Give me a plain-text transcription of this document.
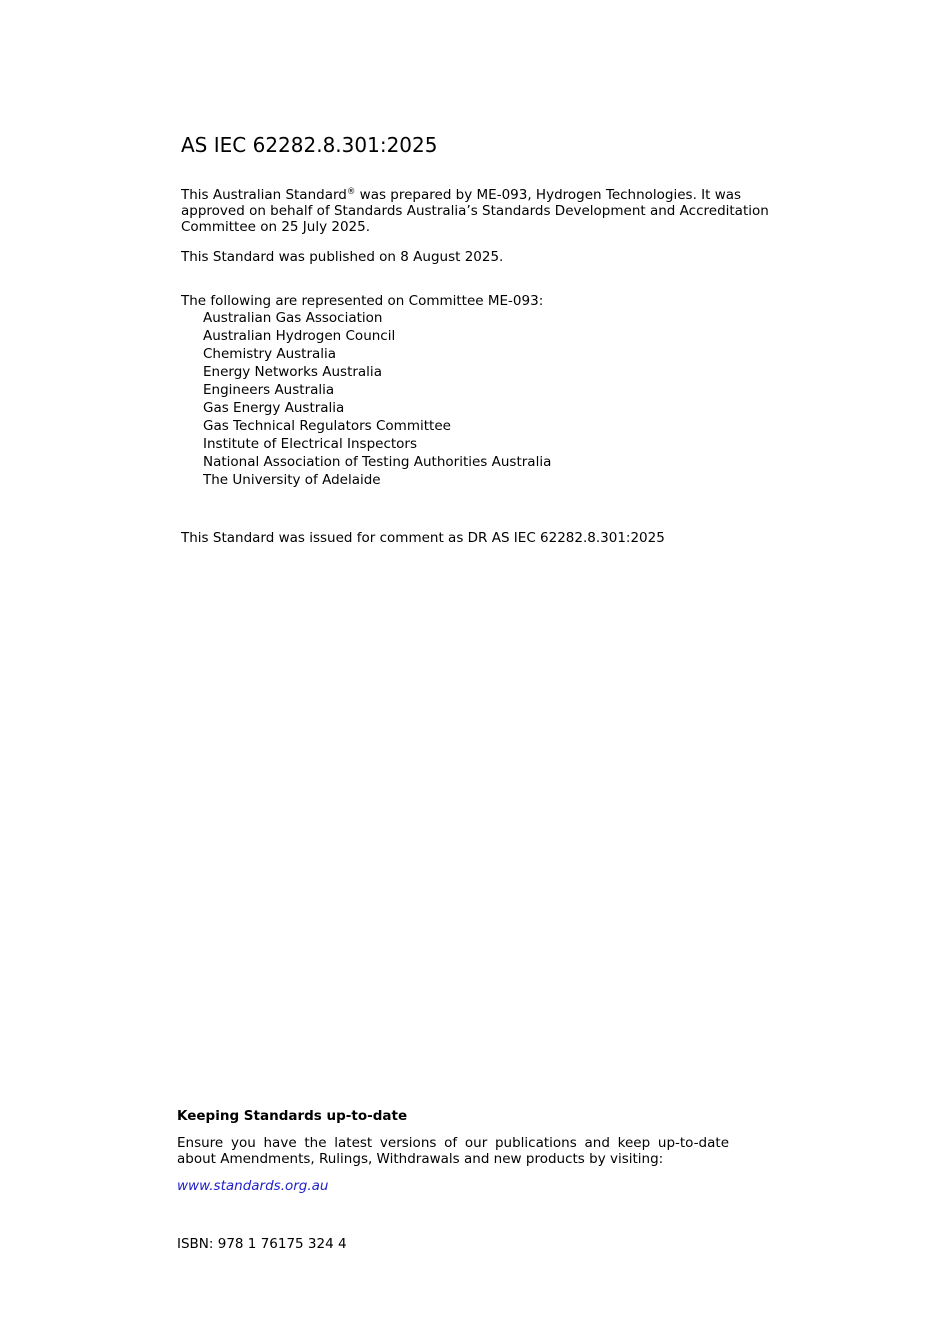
AS IEC 62282.8.301:2025

This Australian Standard® was prepared by ME-093, Hydrogen Technologies. It was approved on behalf of Standards Australia’s Standards Development and Accreditation Committee on 25 July 2025.

This Standard was published on 8 August 2025.

The following are represented on Committee ME-093:

Australian Gas Association
Australian Hydrogen Council
Chemistry Australia
Energy Networks Australia
Engineers Australia
Gas Energy Australia
Gas Technical Regulators Committee
Institute of Electrical Inspectors
National Association of Testing Authorities Australia
The University of Adelaide

This Standard was issued for comment as DR AS IEC 62282.8.301:2025

Keeping Standards up-to-date

Ensure you have the latest versions of our publications and keep up-to-date about Amendments, Rulings, Withdrawals and new products by visiting:

www.standards.org.au

ISBN: 978 1 76175 324 4
